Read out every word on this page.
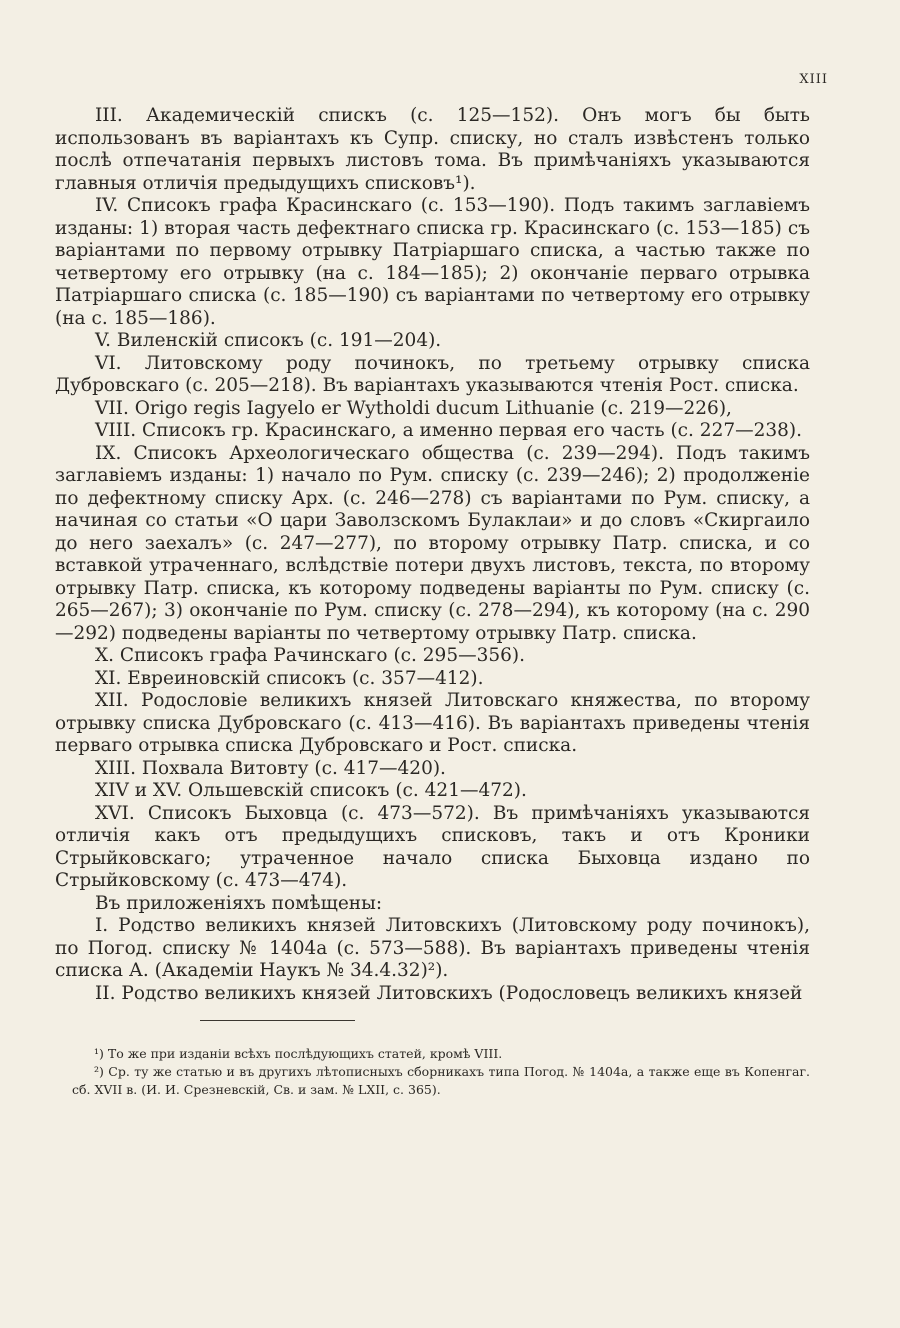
XIII

III. Академическій спискъ (с. 125—152). Онъ могъ бы быть использованъ въ варіантахъ къ Супр. списку, но сталъ извѣстенъ только послѣ отпечатанія первыхъ листовъ тома. Въ примѣчаніяхъ указываются главныя отличія предыдущихъ списковъ¹).

IV. Списокъ графа Красинскаго (с. 153—190). Подъ такимъ заглавіемъ изданы: 1) вторая часть дефектнаго списка гр. Красинскаго (с. 153—185) съ варіантами по первому отрывку Патріаршаго списка, а частью также по четвертому его отрывку (на с. 184—185); 2) окончаніе перваго отрывка Патріаршаго списка (с. 185—190) съ варіантами по четвертому его отрывку (на с. 185—186).

V. Виленскій списокъ (с. 191—204).

VI. Литовскому роду починокъ, по третьему отрывку списка Дубровскаго (с. 205—218). Въ варіантахъ указываются чтенія Рост. списка.

VII. Origo regis Iagyelo er Wytholdi ducum Lithuanie (с. 219—226),

VIII. Списокъ гр. Красинскаго, а именно первая его часть (с. 227—238).

IX. Списокъ Археологическаго общества (с. 239—294). Подъ такимъ заглавіемъ изданы: 1) начало по Рум. списку (с. 239—246); 2) продолженіе по дефектному списку Арх. (с. 246—278) съ варіантами по Рум. списку, а начиная со статьи «О цари Заволзскомъ Булаклаи» и до словъ «Скиргаило до него заехалъ» (с. 247—277), по второму отрывку Патр. списка, и со вставкой утраченнаго, вслѣдствіе потери двухъ листовъ, текста, по второму отрывку Патр. списка, къ которому подведены варіанты по Рум. списку (с. 265—267); 3) окончаніе по Рум. списку (с. 278—294), къ которому (на с. 290—292) подведены варіанты по четвертому отрывку Патр. списка.

X. Списокъ графа Рачинскаго (с. 295—356).

XI. Евреиновскій списокъ (с. 357—412).

XII. Родословіе великихъ князей Литовскаго княжества, по второму отрывку списка Дубровскаго (с. 413—416). Въ варіантахъ приведены чтенія перваго отрывка списка Дубровскаго и Рост. списка.

XIII. Похвала Витовту (с. 417—420).

XIV и XV. Ольшевскій списокъ (с. 421—472).

XVI. Списокъ Быховца (с. 473—572). Въ примѣчаніяхъ указываются отличія какъ отъ предыдущихъ списковъ, такъ и отъ Кроники Стрыйковскаго; утраченное начало списка Быховца издано по Стрыйковскому (с. 473—474).

Въ приложеніяхъ помѣщены:

I. Родство великихъ князей Литовскихъ (Литовскому роду починокъ), по Погод. списку № 1404а (с. 573—588). Въ варіантахъ приведены чтенія списка А. (Академіи Наукъ № 34.4.32)²).

II. Родство великихъ князей Литовскихъ (Родословецъ великихъ князей

¹) То же при изданіи всѣхъ послѣдующихъ статей, кромѣ VIII.

²) Ср. ту же статью и въ другихъ лѣтописныхъ сборникахъ типа Погод. № 1404а, а также еще въ Копенгаг. сб. XVII в. (И. И. Срезневскій, Св. и зам. № LXII, с. 365).
